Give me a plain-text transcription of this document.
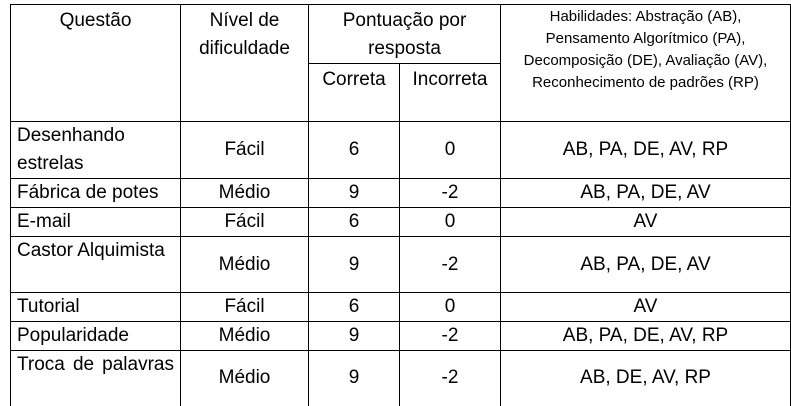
Questão	Nível de dificuldade	Pontuação por resposta		Habilidades: Abstração (AB), Pensamento Algorítmico (PA), Decomposição (DE), Avaliação (AV), Reconhecimento de padrões (RP)
		Correta	Incorreta	
Desenhando estrelas	Fácil	6	0	AB, PA, DE, AV, RP
Fábrica de potes	Médio	9	-2	AB, PA, DE, AV
E-mail	Fácil	6	0	AV
Castor Alquimista	Médio	9	-2	AB, PA, DE, AV
Tutorial	Fácil	6	0	AV
Popularidade	Médio	9	-2	AB, PA, DE, AV, RP

Troca de palavras	Médio	9	-2	AB, DE, AV, RP
